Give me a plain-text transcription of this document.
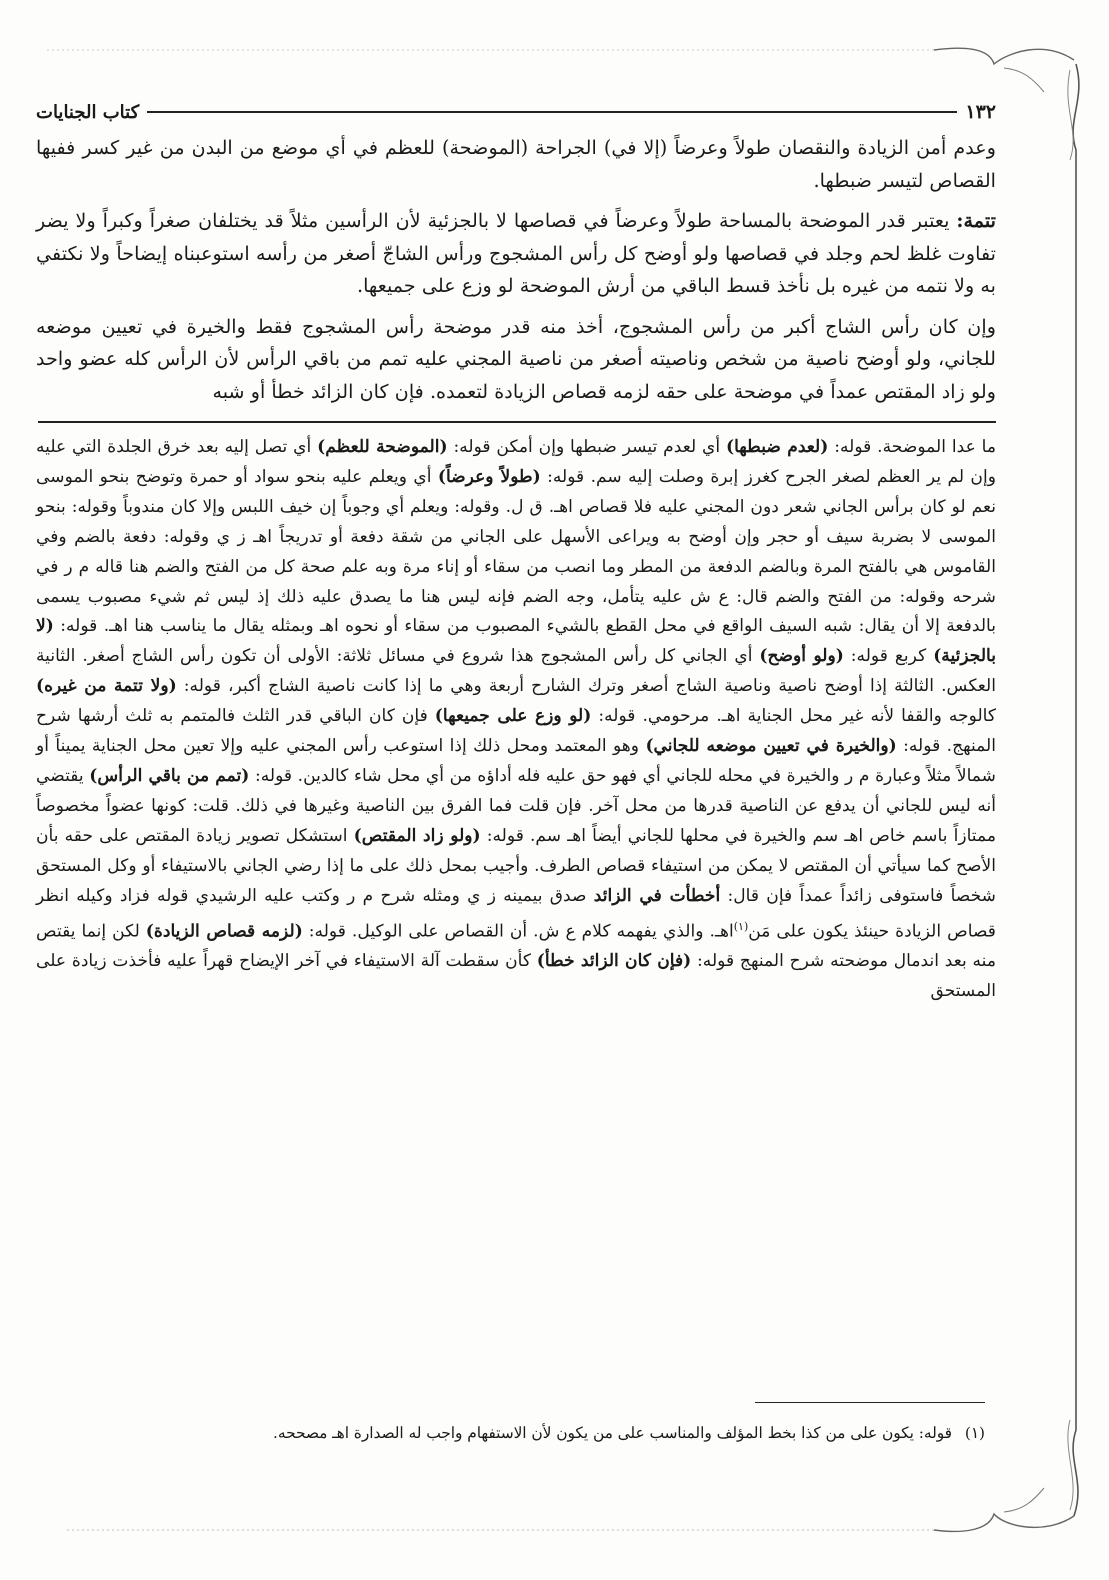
١٣٢
كتاب الجنايات

وعدم أمن الزيادة والنقصان طولاً وعرضاً (إلا في) الجراحة (الموضحة) للعظم في أي موضع من البدن من غير كسر ففيها القصاص لتيسر ضبطها.

تتمة: يعتبر قدر الموضحة بالمساحة طولاً وعرضاً في قصاصها لا بالجزئية لأن الرأسين مثلاً قد يختلفان صغراً وكبراً ولا يضر تفاوت غلظ لحم وجلد في قصاصها ولو أوضح كل رأس المشجوج ورأس الشاجّ أصغر من رأسه استوعبناه إيضاحاً ولا نكتفي به ولا نتمه من غيره بل نأخذ قسط الباقي من أرش الموضحة لو وزع على جميعها.

وإن كان رأس الشاج أكبر من رأس المشجوج، أخذ منه قدر موضحة رأس المشجوج فقط والخيرة في تعيين موضعه للجاني، ولو أوضح ناصية من شخص وناصيته أصغر من ناصية المجني عليه تمم من باقي الرأس لأن الرأس كله عضو واحد ولو زاد المقتص عمداً في موضحة على حقه لزمه قصاص الزيادة لتعمده. فإن كان الزائد خطأ أو شبه

ما عدا الموضحة. قوله: (لعدم ضبطها) أي لعدم تيسر ضبطها وإن أمكن قوله: (الموضحة للعظم) أي تصل إليه بعد خرق الجلدة التي عليه وإن لم ير العظم لصغر الجرح كغرز إبرة وصلت إليه سم. قوله: (طولاً وعرضاً) أي ويعلم عليه بنحو سواد أو حمرة وتوضح بنحو الموسى نعم لو كان برأس الجاني شعر دون المجني عليه فلا قصاص اهـ. ق ل. وقوله: ويعلم أي وجوباً إن خيف اللبس وإلا كان مندوباً وقوله: بنحو الموسى لا بضربة سيف أو حجر وإن أوضح به ويراعى الأسهل على الجاني من شقة دفعة أو تدريجاً اهـ ز ي وقوله: دفعة بالضم وفي القاموس هي بالفتح المرة وبالضم الدفعة من المطر وما انصب من سقاء أو إناء مرة وبه علم صحة كل من الفتح والضم هنا قاله م ر في شرحه وقوله: من الفتح والضم قال: ع ش عليه يتأمل، وجه الضم فإنه ليس هنا ما يصدق عليه ذلك إذ ليس ثم شيء مصبوب يسمى بالدفعة إلا أن يقال: شبه السيف الواقع في محل القطع بالشيء المصبوب من سقاء أو نحوه اهـ وبمثله يقال ما يناسب هنا اهـ. قوله: (لا بالجزئية) كربع قوله: (ولو أوضح) أي الجاني كل رأس المشجوج هذا شروع في مسائل ثلاثة: الأولى أن تكون رأس الشاج أصغر. الثانية العكس. الثالثة إذا أوضح ناصية وناصية الشاج أصغر وترك الشارح أربعة وهي ما إذا كانت ناصية الشاج أكبر، قوله: (ولا تتمة من غيره) كالوجه والقفا لأنه غير محل الجناية اهـ. مرحومي. قوله: (لو وزع على جميعها) فإن كان الباقي قدر الثلث فالمتمم به ثلث أرشها شرح المنهج. قوله: (والخيرة في تعيين موضعه للجاني) وهو المعتمد ومحل ذلك إذا استوعب رأس المجني عليه وإلا تعين محل الجناية يميناً أو شمالاً مثلاً وعبارة م ر والخيرة في محله للجاني أي فهو حق عليه فله أداؤه من أي محل شاء كالدين. قوله: (تمم من باقي الرأس) يقتضي أنه ليس للجاني أن يدفع عن الناصية قدرها من محل آخر. فإن قلت فما الفرق بين الناصية وغيرها في ذلك. قلت: كونها عضواً مخصوصاً ممتازاً باسم خاص اهـ سم والخيرة في محلها للجاني أيضاً اهـ سم. قوله: (ولو زاد المقتص) استشكل تصوير زيادة المقتص على حقه بأن الأصح كما سيأتي أن المقتص لا يمكن من استيفاء قصاص الطرف. وأجيب بمحل ذلك على ما إذا رضي الجاني بالاستيفاء أو وكل المستحق شخصاً فاستوفى زائداً عمداً فإن قال: أخطأت في الزائد صدق بيمينه ز ي ومثله شرح م ر وكتب عليه الرشيدي قوله فزاد وكيله انظر قصاص الزيادة حينئذ يكون على مَن$^{(١)}$اهـ. والذي يفهمه كلام ع ش. أن القصاص على الوكيل. قوله: (لزمه قصاص الزيادة) لكن إنما يقتص منه بعد اندمال موضحته شرح المنهج قوله: (فإن كان الزائد خطأ) كأن سقطت آلة الاستيفاء في آخر الإيضاح قهراً عليه فأخذت زيادة على المستحق

(١) قوله: يكون على من كذا بخط المؤلف والمناسب على من يكون لأن الاستفهام واجب له الصدارة اهـ مصححه.
